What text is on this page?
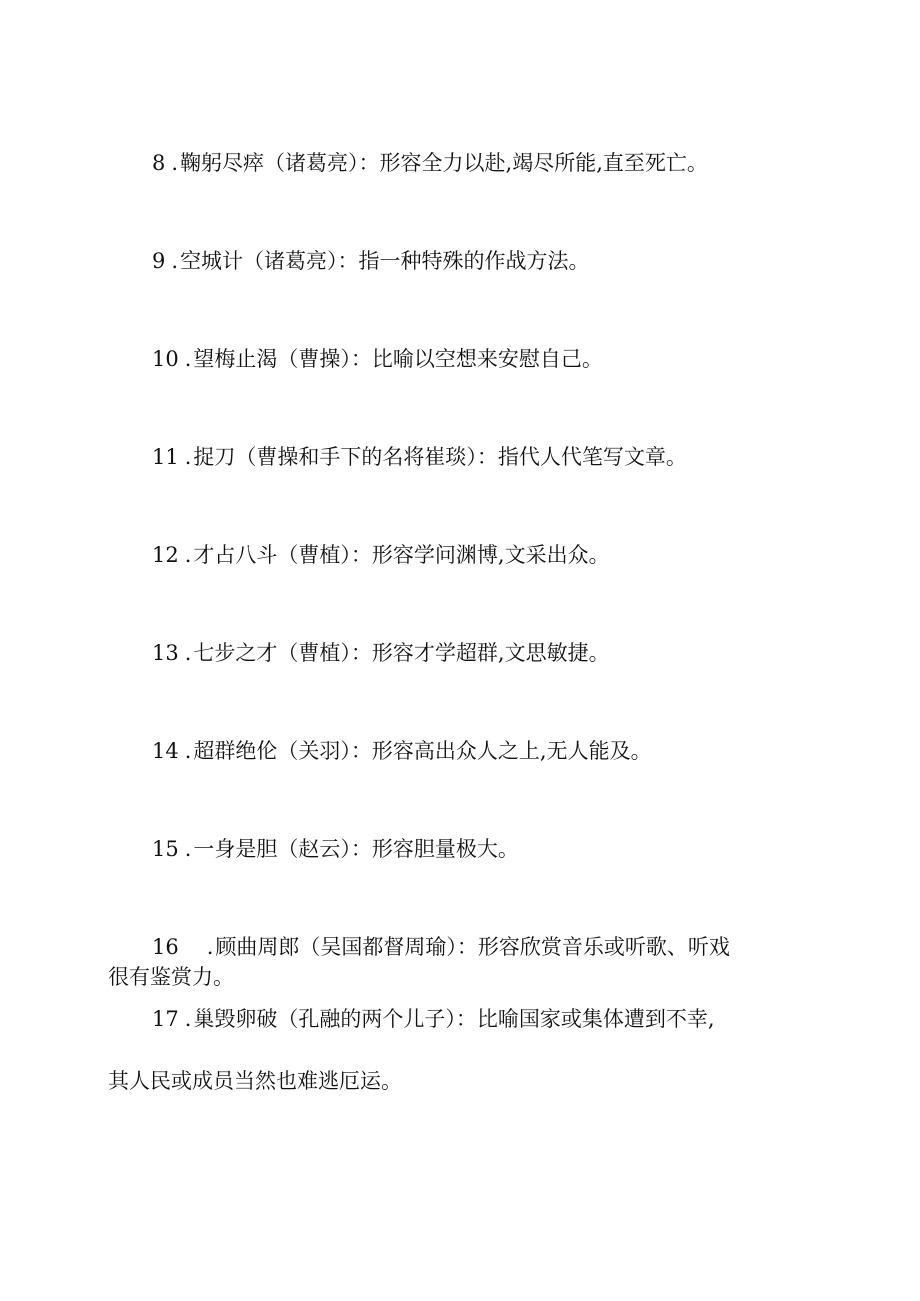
8 .鞠躬尽瘁（诸葛亮）：形容全力以赴,竭尽所能,直至死亡。
9 .空城计（诸葛亮）：指一种特殊的作战方法。
10 .望梅止渴（曹操）：比喻以空想来安慰自己。
11 .捉刀（曹操和手下的名将崔琰）：指代人代笔写文章。
12 .才占八斗（曹植）：形容学问渊博,文采出众。
13 .七步之才（曹植）：形容才学超群,文思敏捷。
14 .超群绝伦（关羽）：形容高出众人之上,无人能及。
15 .一身是胆（赵云）：形容胆量极大。
16 .顾曲周郎（吴国都督周瑜）：形容欣赏音乐或听歌、听戏
很有鉴赏力。
17 .巢毁卵破（孔融的两个儿子）：比喻国家或集体遭到不幸,
其人民或成员当然也难逃厄运。
